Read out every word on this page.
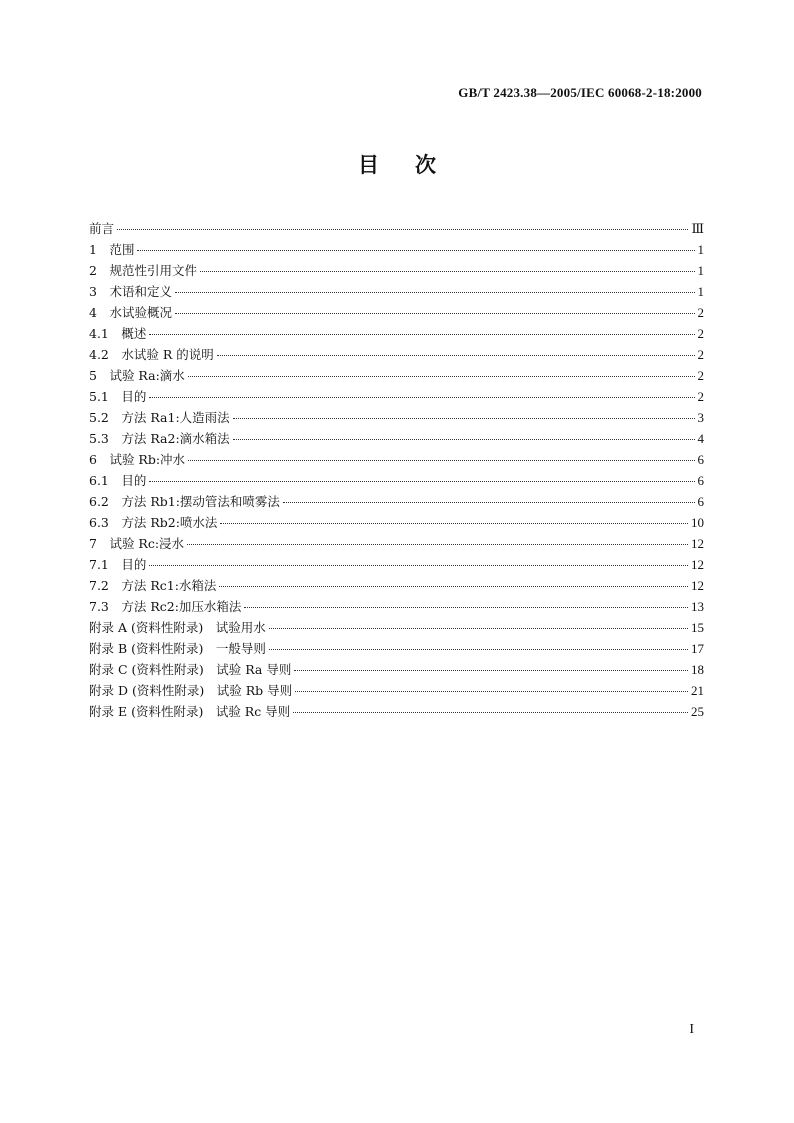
GB/T 2423.38—2005/IEC 60068-2-18:2000
目次
前言	Ⅲ
1　范围	1
2　规范性引用文件	1
3　术语和定义	1
4　水试验概况	2
4.1　概述	2
4.2　水试验 R 的说明	2
5　试验 Ra:滴水	2
5.1　目的	2
5.2　方法 Ra1:人造雨法	3
5.3　方法 Ra2:滴水箱法	4
6　试验 Rb:冲水	6
6.1　目的	6
6.2　方法 Rb1:摆动管法和喷雾法	6
6.3　方法 Rb2:喷水法	10
7　试验 Rc:浸水	12
7.1　目的	12
7.2　方法 Rc1:水箱法	12
7.3　方法 Rc2:加压水箱法	13
附录 A (资料性附录)　试验用水	15
附录 B (资料性附录)　一般导则	17
附录 C (资料性附录)　试验 Ra 导则	18
附录 D (资料性附录)　试验 Rb 导则	21
附录 E (资料性附录)　试验 Rc 导则	25
I
